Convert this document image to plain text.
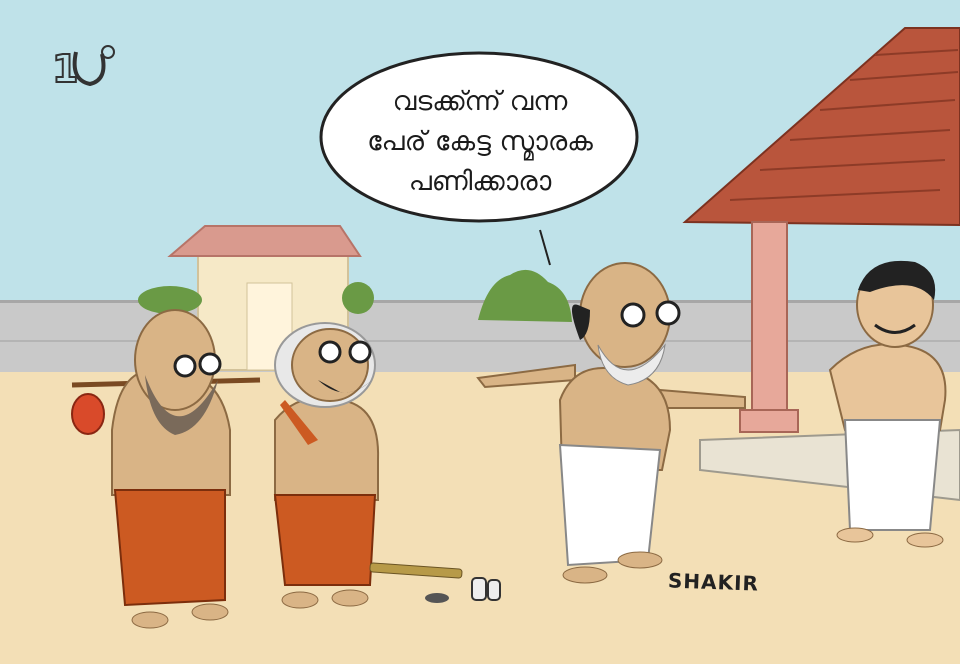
വടക്ക്ന്ന് വന്ന
പേര് കേട്ട സ്മാരക
പണിക്കാരാ
1
SHAKIR
